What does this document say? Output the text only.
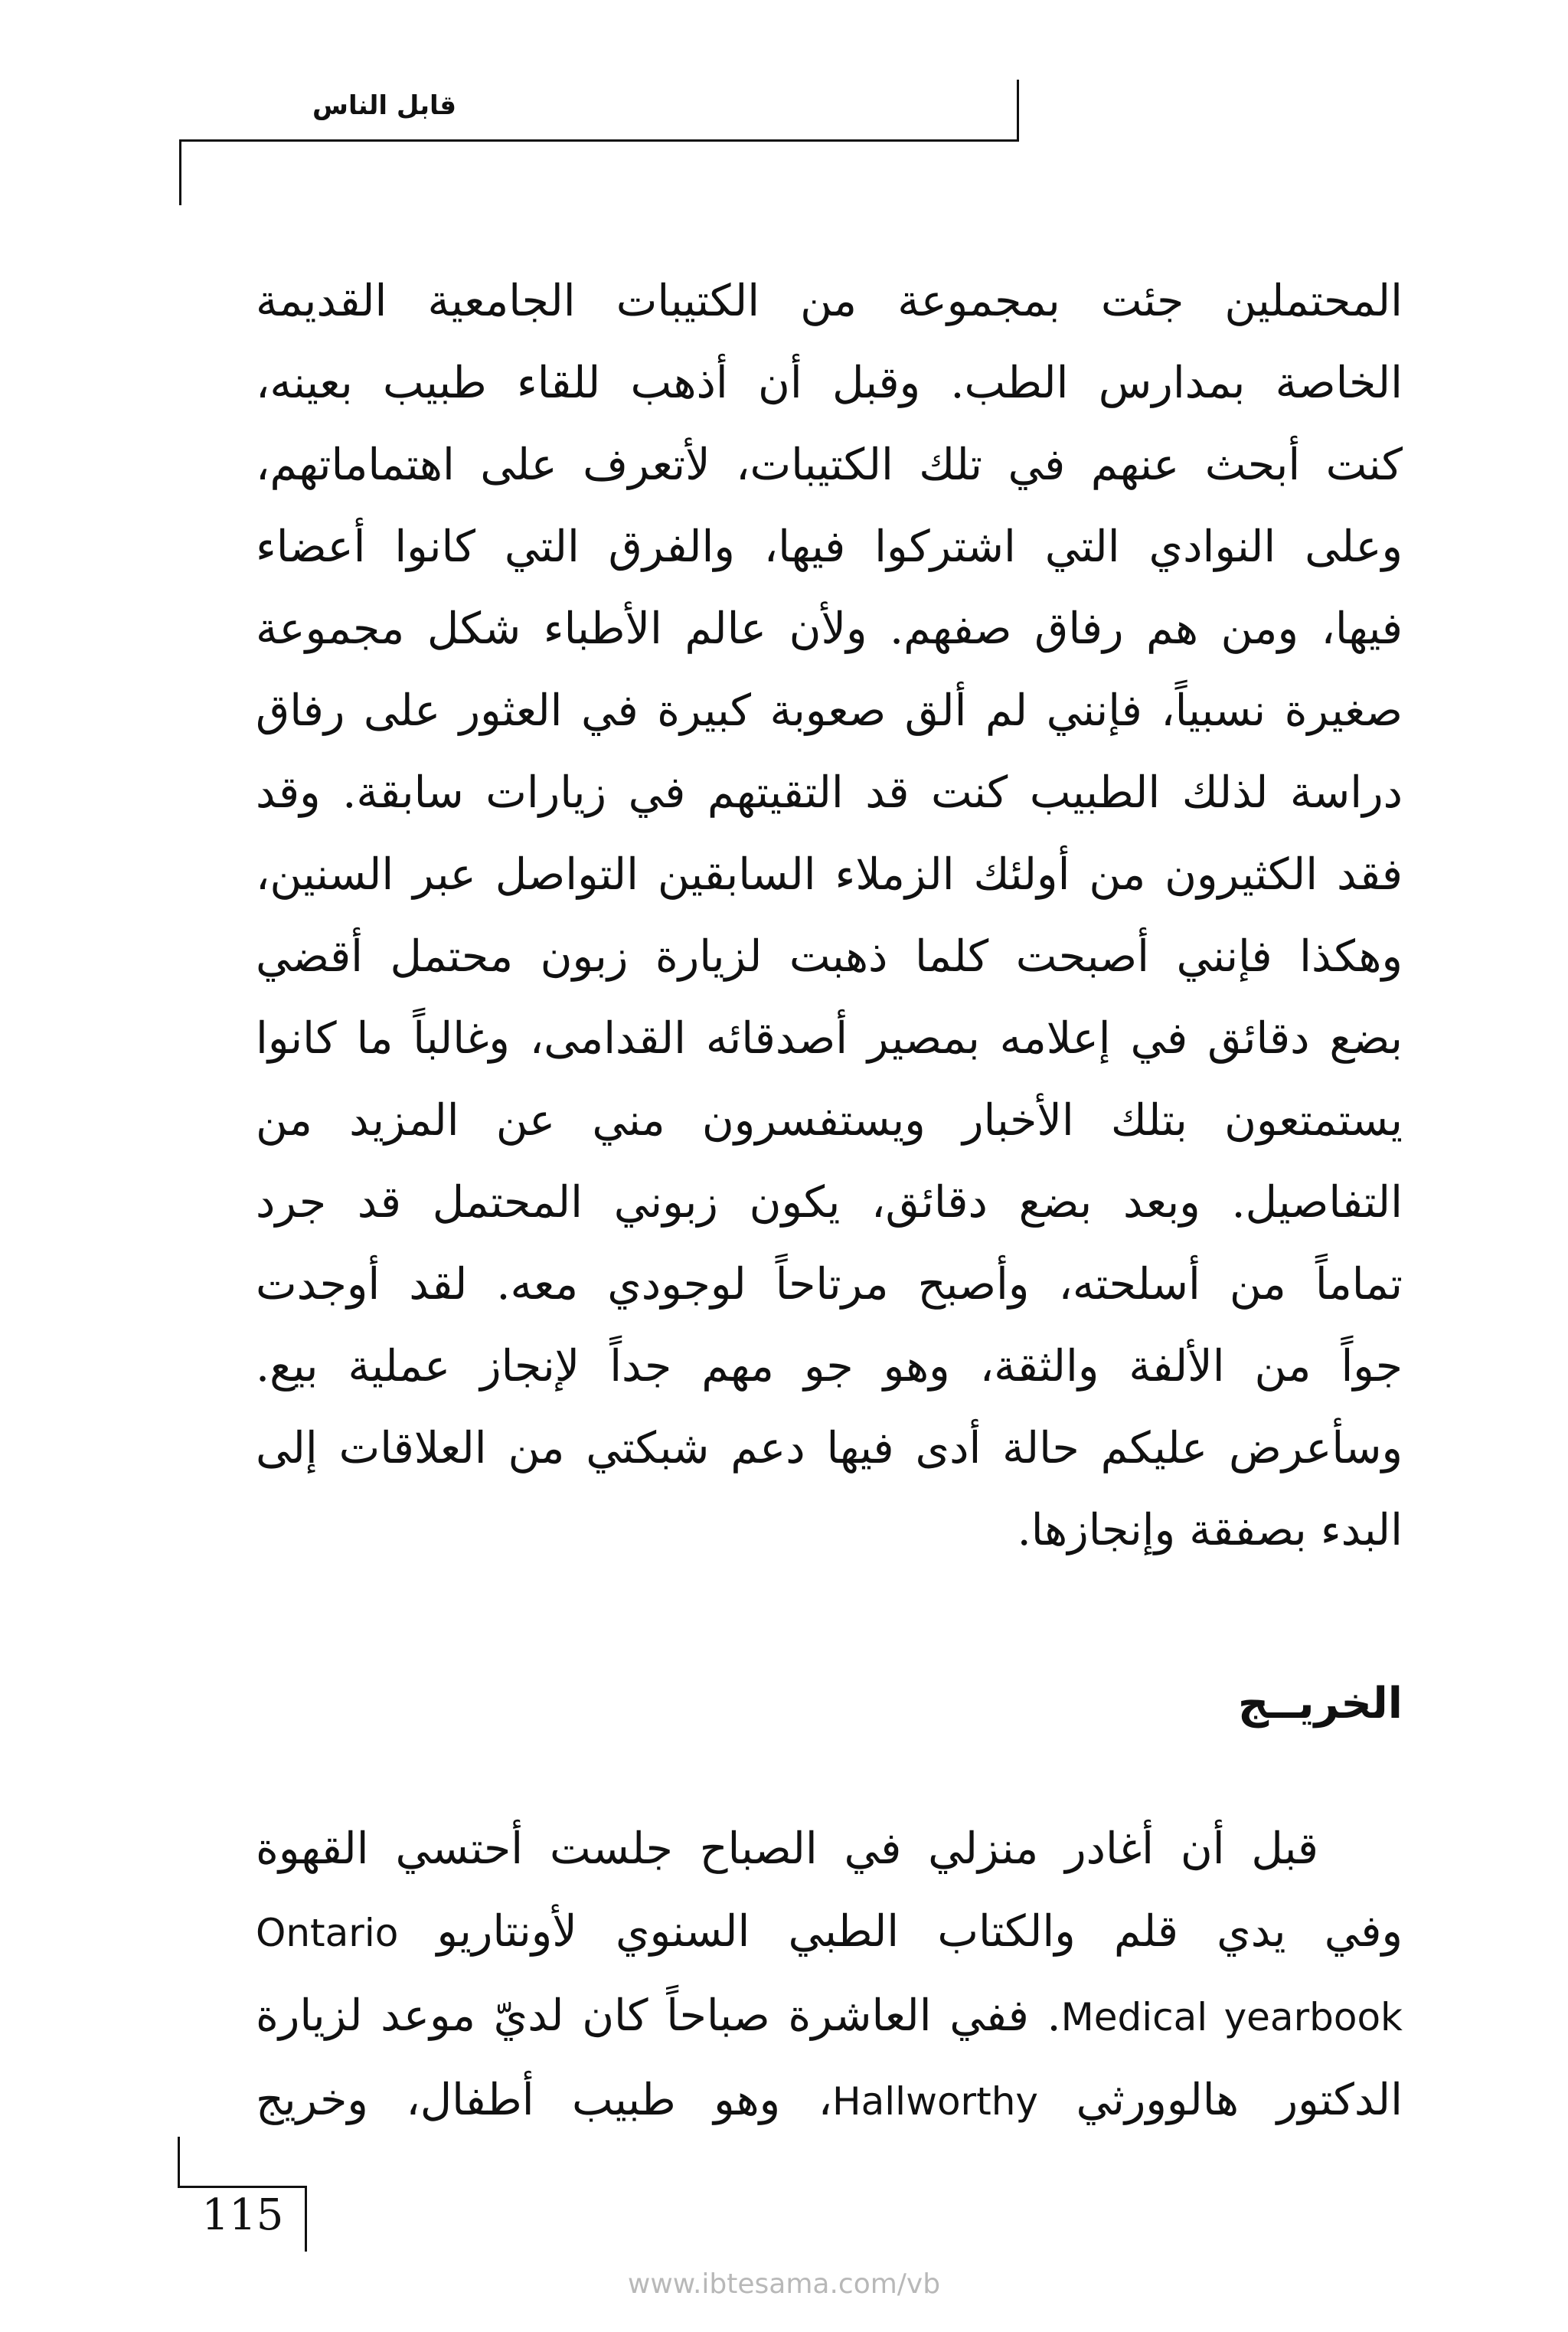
قابل الناس
المحتملين جئت بمجموعة من الكتيبات الجامعية القديمة
الخاصة بمدارس الطب. وقبل أن أذهب للقاء طبيب بعينه،
كنت أبحث عنهم في تلك الكتيبات، لأتعرف على اهتماماتهم،
وعلى النوادي التي اشتركوا فيها، والفرق التي كانوا أعضاء
فيها، ومن هم رفاق صفهم. ولأن عالم الأطباء شكل مجموعة
صغيرة نسبياً، فإنني لم ألق صعوبة كبيرة في العثور على رفاق
دراسة لذلك الطبيب كنت قد التقيتهم في زيارات سابقة. وقد
فقد الكثيرون من أولئك الزملاء السابقين التواصل عبر السنين،
وهكذا فإنني أصبحت كلما ذهبت لزيارة زبون محتمل أقضي
بضع دقائق في إعلامه بمصير أصدقائه القدامى، وغالباً ما كانوا
يستمتعون بتلك الأخبار ويستفسرون مني عن المزيد من
التفاصيل. وبعد بضع دقائق، يكون زبوني المحتمل قد جرد
تماماً من أسلحته، وأصبح مرتاحاً لوجودي معه. لقد أوجدت
جواً من الألفة والثقة، وهو جو مهم جداً لإنجاز عملية بيع.
وسأعرض عليكم حالة أدى فيها دعم شبكتي من العلاقات إلى
البدء بصفقة وإنجازها.
الخريــج
قبل أن أغادر منزلي في الصباح جلست أحتسي القهوة
وفي يدي قلم والكتاب الطبي السنوي لأونتاريو Ontario
Medical yearbook. ففي العاشرة صباحاً كان لديّ موعد لزيارة
الدكتور هالوورثي Hallworthy، وهو طبيب أطفال، وخريج
115
www.ibtesama.com/vb
